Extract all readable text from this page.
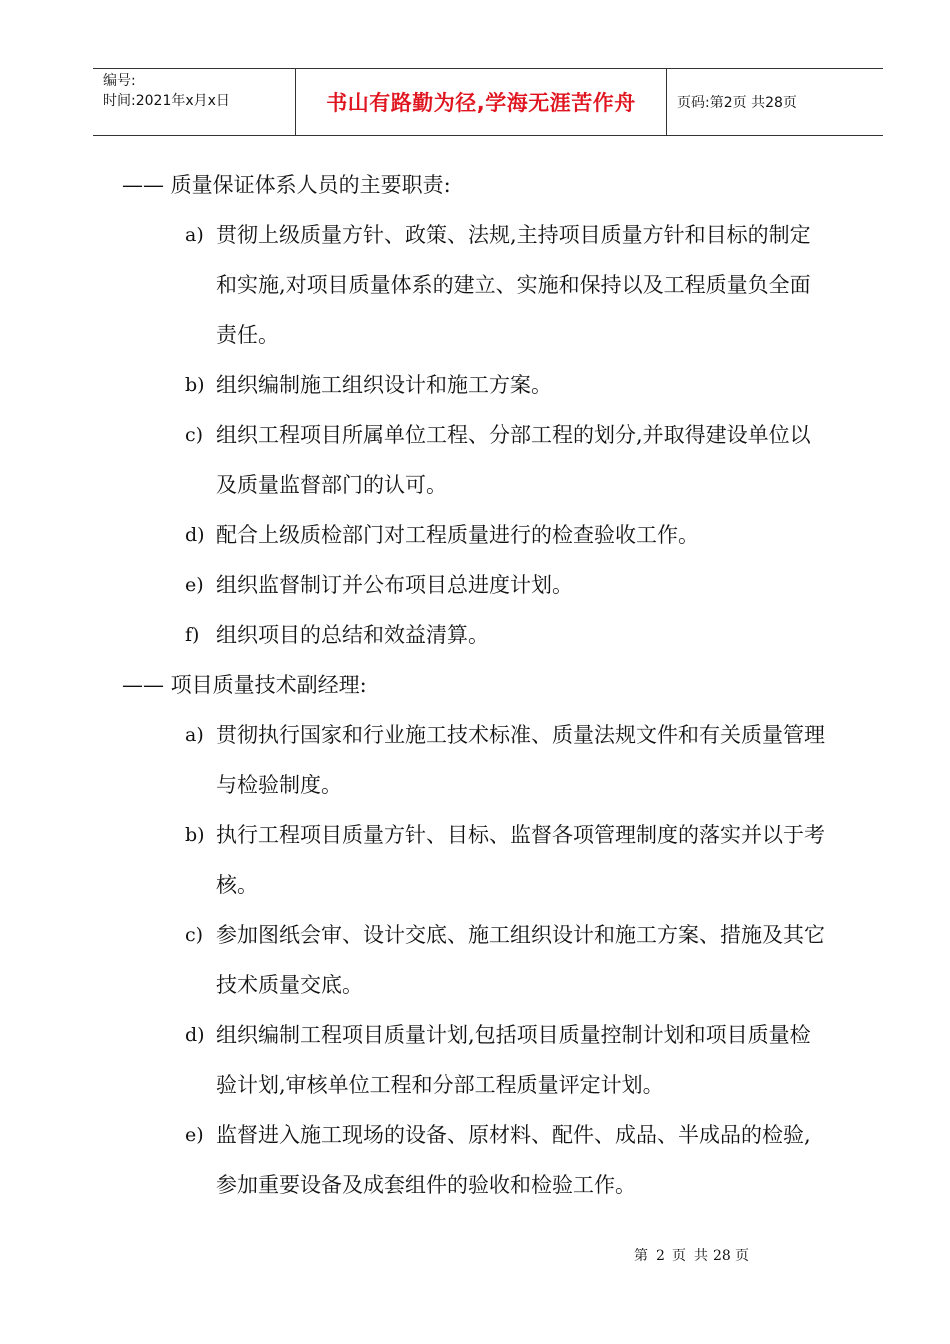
编号:
时间:2021年x月x日	书山有路勤为径,学海无涯苦作舟	页码:第2页 共28页
—— 质量保证体系人员的主要职责:
a) 贯彻上级质量方针、政策、法规,主持项目质量方针和目标的制定
和实施,对项目质量体系的建立、实施和保持以及工程质量负全面
责任。
b) 组织编制施工组织设计和施工方案。
c) 组织工程项目所属单位工程、分部工程的划分,并取得建设单位以
及质量监督部门的认可。
d) 配合上级质检部门对工程质量进行的检查验收工作。
e) 组织监督制订并公布项目总进度计划。
f) 组织项目的总结和效益清算。
—— 项目质量技术副经理:
a) 贯彻执行国家和行业施工技术标准、质量法规文件和有关质量管理
与检验制度。
b) 执行工程项目质量方针、目标、监督各项管理制度的落实并以于考
核。
c) 参加图纸会审、设计交底、施工组织设计和施工方案、措施及其它
技术质量交底。
d) 组织编制工程项目质量计划,包括项目质量控制计划和项目质量检
验计划,审核单位工程和分部工程质量评定计划。
e) 监督进入施工现场的设备、原材料、配件、成品、半成品的检验,
参加重要设备及成套组件的验收和检验工作。
第 2 页 共 28 页
